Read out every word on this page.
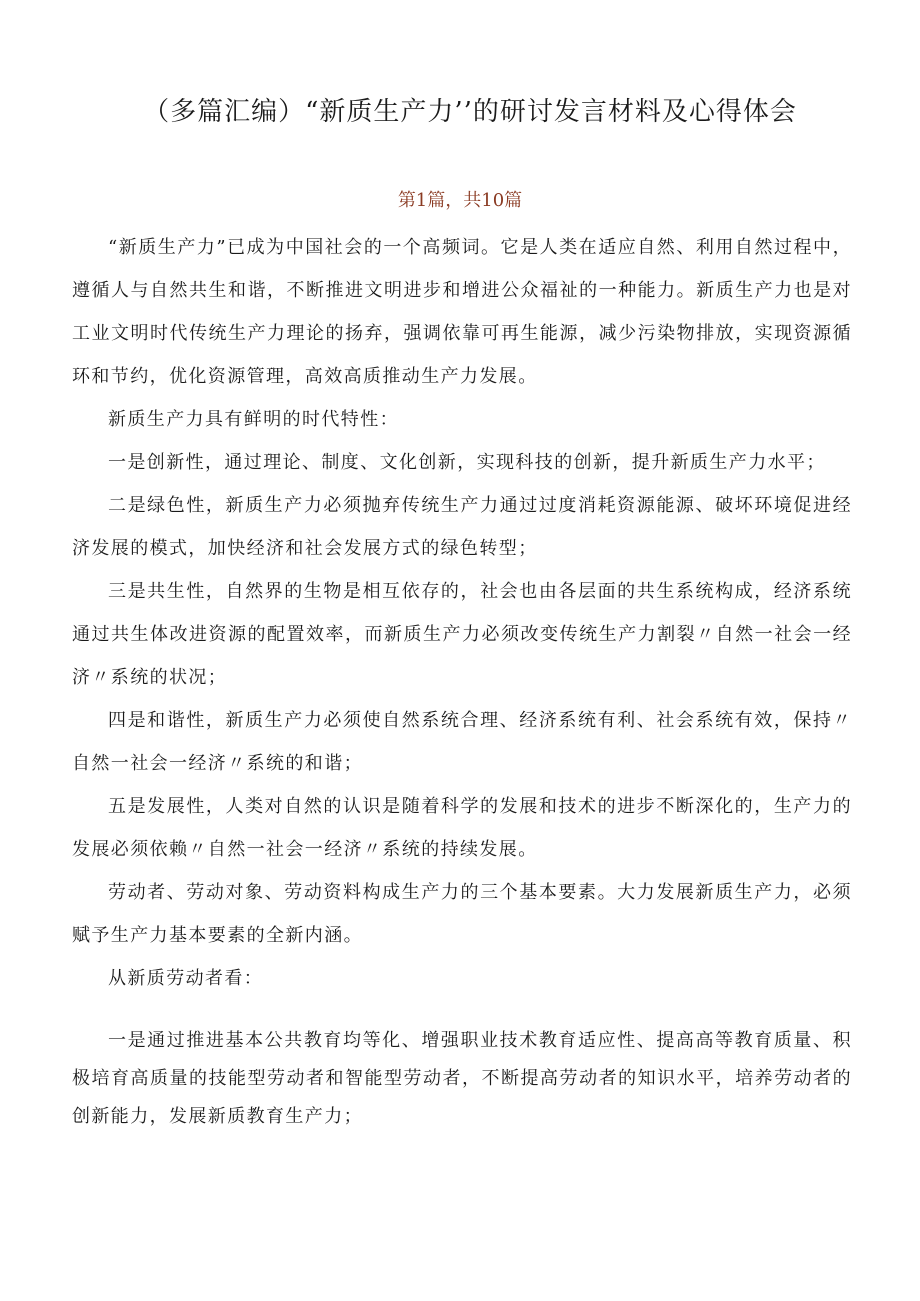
（多篇汇编）“新质生产力’’的研讨发言材料及心得体会

第1篇，共10篇

“新质生产力”已成为中国社会的一个高频词。它是人类在适应自然、利用自然过程中，遵循人与自然共生和谐，不断推进文明进步和增进公众福祉的一种能力。新质生产力也是对工业文明时代传统生产力理论的扬弃，强调依靠可再生能源，减少污染物排放，实现资源循环和节约，优化资源管理，高效高质推动生产力发展。

新质生产力具有鲜明的时代特性：

一是创新性，通过理论、制度、文化创新，实现科技的创新，提升新质生产力水平；

二是绿色性，新质生产力必须抛弃传统生产力通过过度消耗资源能源、破坏环境促进经济发展的模式，加快经济和社会发展方式的绿色转型；

三是共生性，自然界的生物是相互依存的，社会也由各层面的共生系统构成，经济系统通过共生体改进资源的配置效率，而新质生产力必须改变传统生产力割裂〃自然一社会一经济〃系统的状况；

四是和谐性，新质生产力必须使自然系统合理、经济系统有利、社会系统有效，保持〃自然一社会一经济〃系统的和谐；

五是发展性，人类对自然的认识是随着科学的发展和技术的进步不断深化的，生产力的发展必须依赖〃自然一社会一经济〃系统的持续发展。

劳动者、劳动对象、劳动资料构成生产力的三个基本要素。大力发展新质生产力，必须赋予生产力基本要素的全新内涵。

从新质劳动者看：

一是通过推进基本公共教育均等化、增强职业技术教育适应性、提高高等教育质量、积极培育高质量的技能型劳动者和智能型劳动者，不断提高劳动者的知识水平，培养劳动者的创新能力，发展新质教育生产力；
